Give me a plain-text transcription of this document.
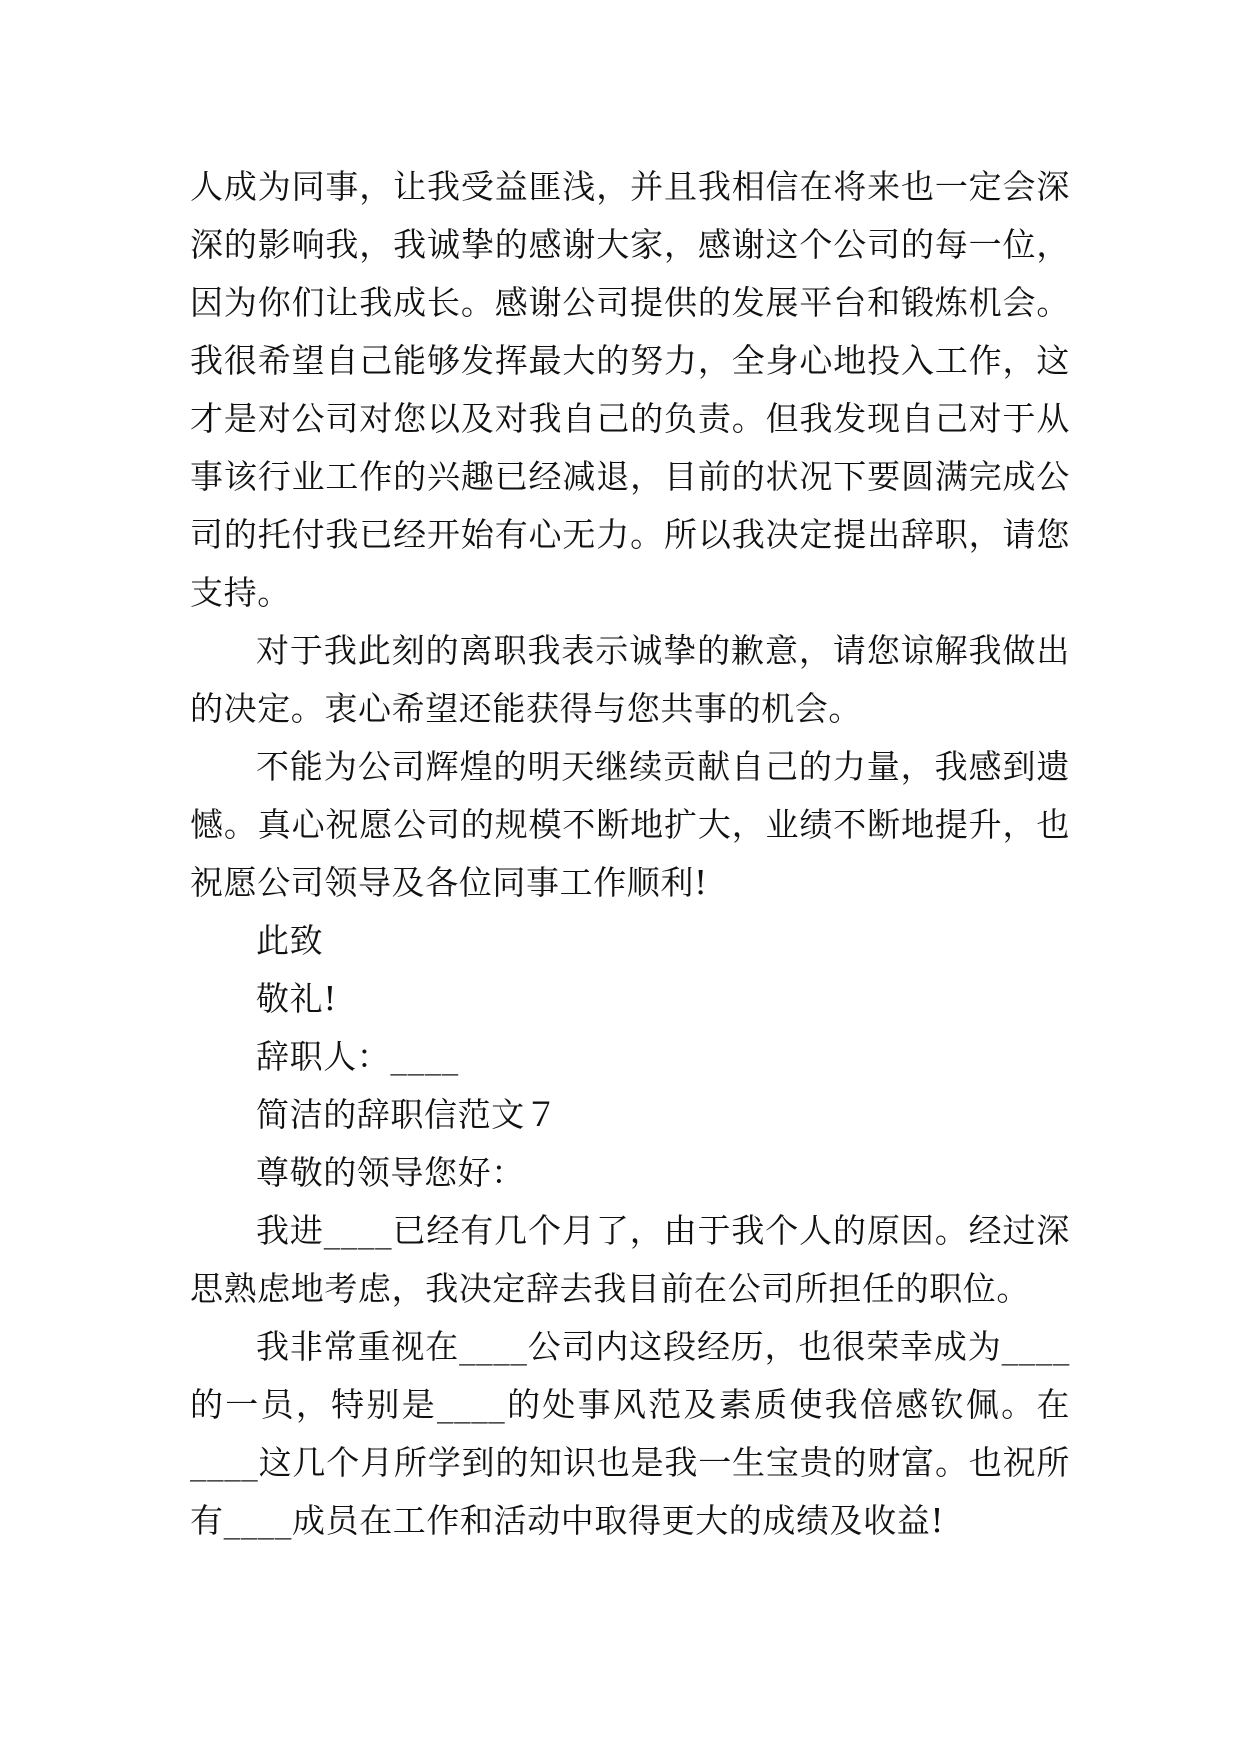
人成为同事，让我受益匪浅，并且我相信在将来也一定会深
深的影响我，我诚挚的感谢大家，感谢这个公司的每一位，
因为你们让我成长。感谢公司提供的发展平台和锻炼机会。
我很希望自己能够发挥最大的努力，全身心地投入工作，这
才是对公司对您以及对我自己的负责。但我发现自己对于从
事该行业工作的兴趣已经减退，目前的状况下要圆满完成公
司的托付我已经开始有心无力。所以我决定提出辞职，请您
支持。
对于我此刻的离职我表示诚挚的歉意，请您谅解我做出
的决定。衷心希望还能获得与您共事的机会。
不能为公司辉煌的明天继续贡献自己的力量，我感到遗
憾。真心祝愿公司的规模不断地扩大，业绩不断地提升，也
祝愿公司领导及各位同事工作顺利!
此致
敬礼!
辞职人：____
简洁的辞职信范文７
尊敬的领导您好：
我进____已经有几个月了，由于我个人的原因。经过深
思熟虑地考虑，我决定辞去我目前在公司所担任的职位。
我非常重视在____公司内这段经历，也很荣幸成为____
的一员，特别是____的处事风范及素质使我倍感钦佩。在
____这几个月所学到的知识也是我一生宝贵的财富。也祝所
有____成员在工作和活动中取得更大的成绩及收益!
